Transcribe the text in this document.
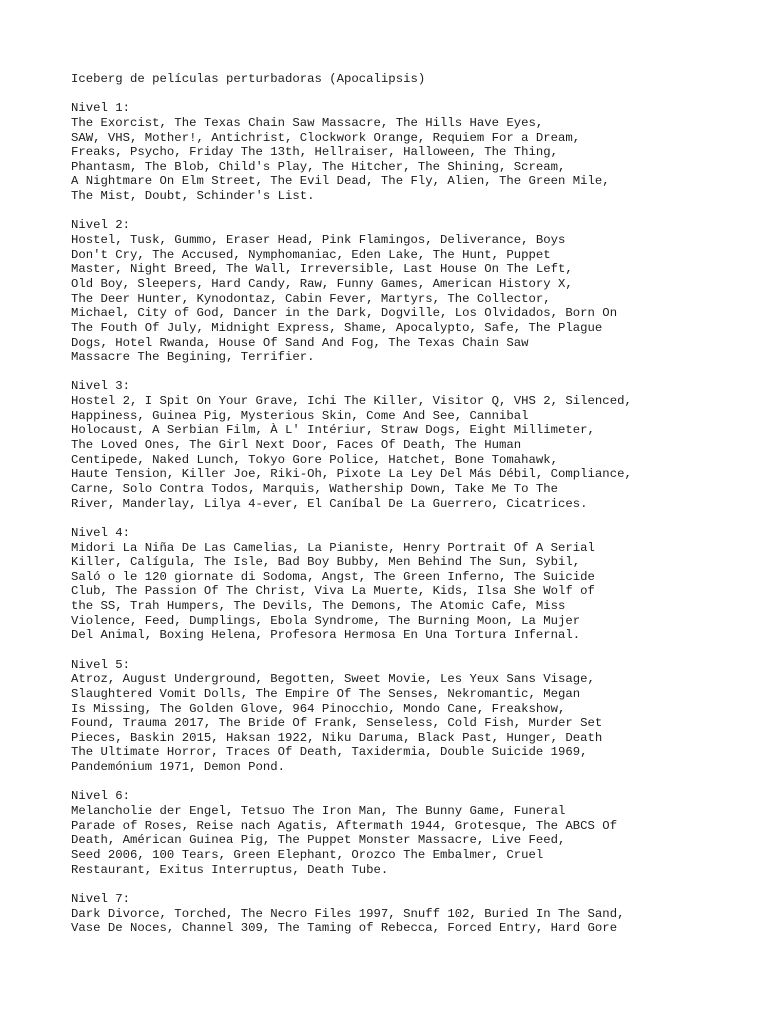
Iceberg de películas perturbadoras (Apocalipsis)
Nivel 1:
The Exorcist, The Texas Chain Saw Massacre, The Hills Have Eyes,
SAW, VHS, Mother!, Antichrist, Clockwork Orange, Requiem For a Dream,
Freaks, Psycho, Friday The 13th, Hellraiser, Halloween, The Thing,
Phantasm, The Blob, Child's Play, The Hitcher, The Shining, Scream,
A Nightmare On Elm Street, The Evil Dead, The Fly, Alien, The Green Mile,
The Mist, Doubt, Schinder's List.
Nivel 2:
Hostel, Tusk, Gummo, Eraser Head, Pink Flamingos, Deliverance, Boys
Don't Cry, The Accused, Nymphomaniac, Eden Lake, The Hunt, Puppet
Master, Night Breed, The Wall, Irreversible, Last House On The Left,
Old Boy, Sleepers, Hard Candy, Raw, Funny Games, American History X,
The Deer Hunter, Kynodontaz, Cabin Fever, Martyrs, The Collector,
Michael, City of God, Dancer in the Dark, Dogville, Los Olvidados, Born On
The Fouth Of July, Midnight Express, Shame, Apocalypto, Safe, The Plague
Dogs, Hotel Rwanda, House Of Sand And Fog, The Texas Chain Saw
Massacre The Begining, Terrifier.
Nivel 3:
Hostel 2, I Spit On Your Grave, Ichi The Killer, Visitor Q, VHS 2, Silenced,
Happiness, Guinea Pig, Mysterious Skin, Come And See, Cannibal
Holocaust, A Serbian Film, À L' Intériur, Straw Dogs, Eight Millimeter,
The Loved Ones, The Girl Next Door, Faces Of Death, The Human
Centipede, Naked Lunch, Tokyo Gore Police, Hatchet, Bone Tomahawk,
Haute Tension, Killer Joe, Riki-Oh, Pixote La Ley Del Más Débil, Compliance,
Carne, Solo Contra Todos, Marquis, Wathership Down, Take Me To The
River, Manderlay, Lilya 4-ever, El Caníbal De La Guerrero, Cicatrices.
Nivel 4:
Midori La Niña De Las Camelias, La Pianiste, Henry Portrait Of A Serial
Killer, Calígula, The Isle, Bad Boy Bubby, Men Behind The Sun, Sybil,
Saló o le 120 giornate di Sodoma, Angst, The Green Inferno, The Suicide
Club, The Passion Of The Christ, Viva La Muerte, Kids, Ilsa She Wolf of
the SS, Trah Humpers, The Devils, The Demons, The Atomic Cafe, Miss
Violence, Feed, Dumplings, Ebola Syndrome, The Burning Moon, La Mujer
Del Animal, Boxing Helena, Profesora Hermosa En Una Tortura Infernal.
Nivel 5:
Atroz, August Underground, Begotten, Sweet Movie, Les Yeux Sans Visage,
Slaughtered Vomit Dolls, The Empire Of The Senses, Nekromantic, Megan
Is Missing, The Golden Glove, 964 Pinocchio, Mondo Cane, Freakshow,
Found, Trauma 2017, The Bride Of Frank, Senseless, Cold Fish, Murder Set
Pieces, Baskin 2015, Haksan 1922, Niku Daruma, Black Past, Hunger, Death
The Ultimate Horror, Traces Of Death, Taxidermia, Double Suicide 1969,
Pandemónium 1971, Demon Pond.
Nivel 6:
Melancholie der Engel, Tetsuo The Iron Man, The Bunny Game, Funeral
Parade of Roses, Reise nach Agatis, Aftermath 1944, Grotesque, The ABCS Of
Death, Américan Guinea Pig, The Puppet Monster Massacre, Live Feed,
Seed 2006, 100 Tears, Green Elephant, Orozco The Embalmer, Cruel
Restaurant, Exitus Interruptus, Death Tube.
Nivel 7:
Dark Divorce, Torched, The Necro Files 1997, Snuff 102, Buried In The Sand,
Vase De Noces, Channel 309, The Taming of Rebecca, Forced Entry, Hard Gore
